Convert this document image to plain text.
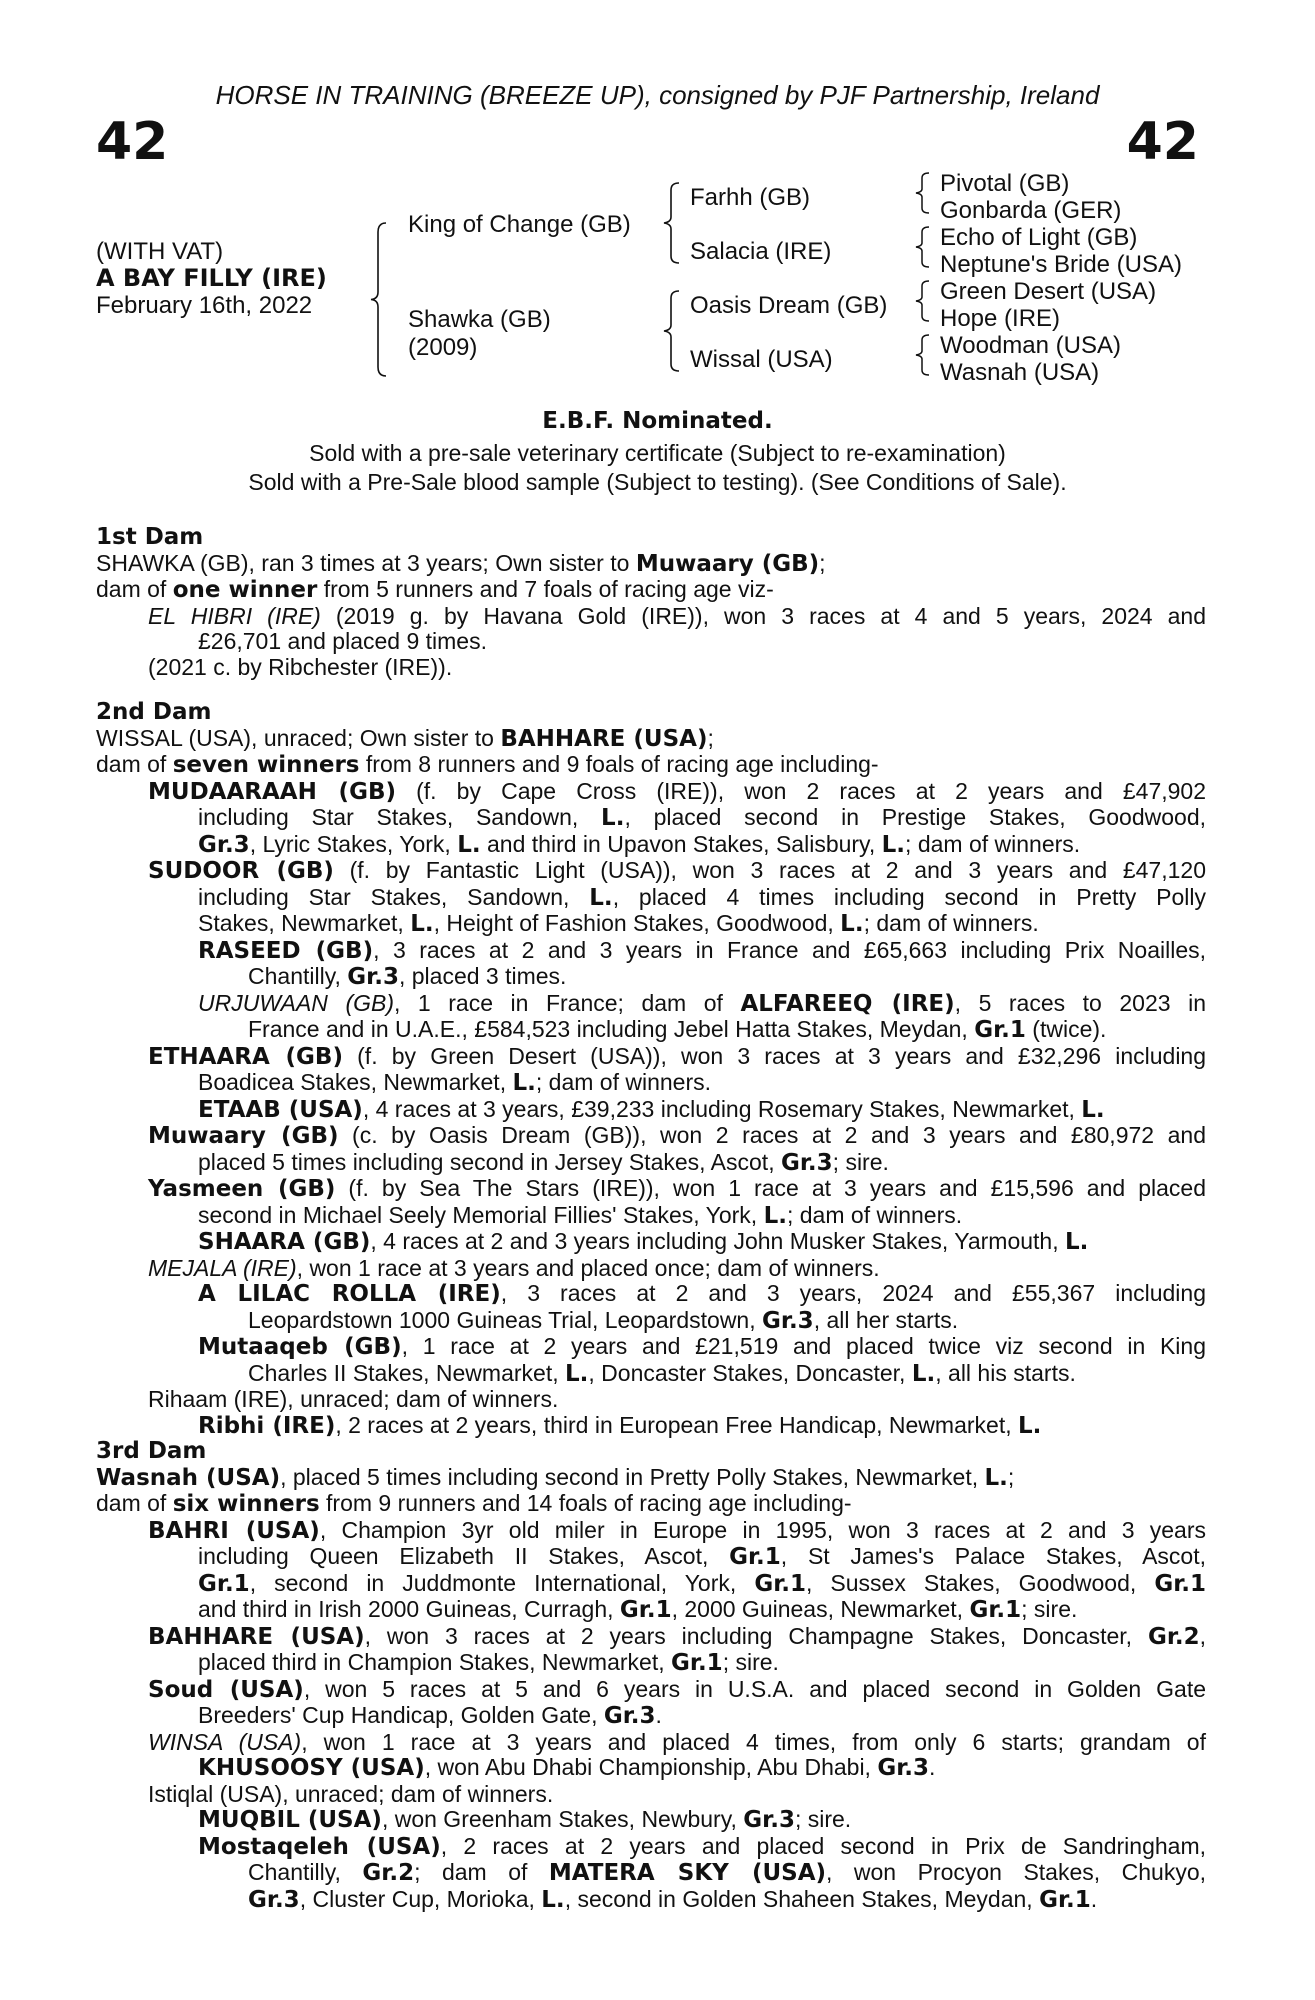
HORSE IN TRAINING (BREEZE UP), consigned by PJF Partnership, Ireland
42	42
(WITH VAT)
A BAY FILLY (IRE)
February 16th, 2022
King of Change (GB)
Shawka (GB)
(2009)
Farhh (GB)
Salacia (IRE)
Oasis Dream (GB)
Wissal (USA)
Pivotal (GB)
Gonbarda (GER)
Echo of Light (GB)
Neptune's Bride (USA)
Green Desert (USA)
Hope (IRE)
Woodman (USA)
Wasnah (USA)
E.B.F. Nominated.
Sold with a pre-sale veterinary certificate (Subject to re-examination)
Sold with a Pre-Sale blood sample (Subject to testing). (See Conditions of Sale).
1st Dam
SHAWKA (GB), ran 3 times at 3 years; Own sister to Muwaary (GB);
dam of one winner from 5 runners and 7 foals of racing age viz-
EL HIBRI (IRE) (2019 g. by Havana Gold (IRE)), won 3 races at 4 and 5 years, 2024 and
£26,701 and placed 9 times.
(2021 c. by Ribchester (IRE)).
2nd Dam
WISSAL (USA), unraced; Own sister to BAHHARE (USA);
dam of seven winners from 8 runners and 9 foals of racing age including-
MUDAARAAH (GB) (f. by Cape Cross (IRE)), won 2 races at 2 years and £47,902
including Star Stakes, Sandown, L., placed second in Prestige Stakes, Goodwood,
Gr.3, Lyric Stakes, York, L. and third in Upavon Stakes, Salisbury, L.; dam of winners.
SUDOOR (GB) (f. by Fantastic Light (USA)), won 3 races at 2 and 3 years and £47,120
including Star Stakes, Sandown, L., placed 4 times including second in Pretty Polly
Stakes, Newmarket, L., Height of Fashion Stakes, Goodwood, L.; dam of winners.
RASEED (GB), 3 races at 2 and 3 years in France and £65,663 including Prix Noailles,
Chantilly, Gr.3, placed 3 times.
URJUWAAN (GB), 1 race in France; dam of ALFAREEQ (IRE), 5 races to 2023 in
France and in U.A.E., £584,523 including Jebel Hatta Stakes, Meydan, Gr.1 (twice).
ETHAARA (GB) (f. by Green Desert (USA)), won 3 races at 3 years and £32,296 including
Boadicea Stakes, Newmarket, L.; dam of winners.
ETAAB (USA), 4 races at 3 years, £39,233 including Rosemary Stakes, Newmarket, L.
Muwaary (GB) (c. by Oasis Dream (GB)), won 2 races at 2 and 3 years and £80,972 and
placed 5 times including second in Jersey Stakes, Ascot, Gr.3; sire.
Yasmeen (GB) (f. by Sea The Stars (IRE)), won 1 race at 3 years and £15,596 and placed
second in Michael Seely Memorial Fillies' Stakes, York, L.; dam of winners.
SHAARA (GB), 4 races at 2 and 3 years including John Musker Stakes, Yarmouth, L.
MEJALA (IRE), won 1 race at 3 years and placed once; dam of winners.
A LILAC ROLLA (IRE), 3 races at 2 and 3 years, 2024 and £55,367 including
Leopardstown 1000 Guineas Trial, Leopardstown, Gr.3, all her starts.
Mutaaqeb (GB), 1 race at 2 years and £21,519 and placed twice viz second in King
Charles II Stakes, Newmarket, L., Doncaster Stakes, Doncaster, L., all his starts.
Rihaam (IRE), unraced; dam of winners.
Ribhi (IRE), 2 races at 2 years, third in European Free Handicap, Newmarket, L.
3rd Dam
Wasnah (USA), placed 5 times including second in Pretty Polly Stakes, Newmarket, L.;
dam of six winners from 9 runners and 14 foals of racing age including-
BAHRI (USA), Champion 3yr old miler in Europe in 1995, won 3 races at 2 and 3 years
including Queen Elizabeth II Stakes, Ascot, Gr.1, St James's Palace Stakes, Ascot,
Gr.1, second in Juddmonte International, York, Gr.1, Sussex Stakes, Goodwood, Gr.1
and third in Irish 2000 Guineas, Curragh, Gr.1, 2000 Guineas, Newmarket, Gr.1; sire.
BAHHARE (USA), won 3 races at 2 years including Champagne Stakes, Doncaster, Gr.2,
placed third in Champion Stakes, Newmarket, Gr.1; sire.
Soud (USA), won 5 races at 5 and 6 years in U.S.A. and placed second in Golden Gate
Breeders' Cup Handicap, Golden Gate, Gr.3.
WINSA (USA), won 1 race at 3 years and placed 4 times, from only 6 starts; grandam of
KHUSOOSY (USA), won Abu Dhabi Championship, Abu Dhabi, Gr.3.
Istiqlal (USA), unraced; dam of winners.
MUQBIL (USA), won Greenham Stakes, Newbury, Gr.3; sire.
Mostaqeleh (USA), 2 races at 2 years and placed second in Prix de Sandringham,
Chantilly, Gr.2; dam of MATERA SKY (USA), won Procyon Stakes, Chukyo,
Gr.3, Cluster Cup, Morioka, L., second in Golden Shaheen Stakes, Meydan, Gr.1.
